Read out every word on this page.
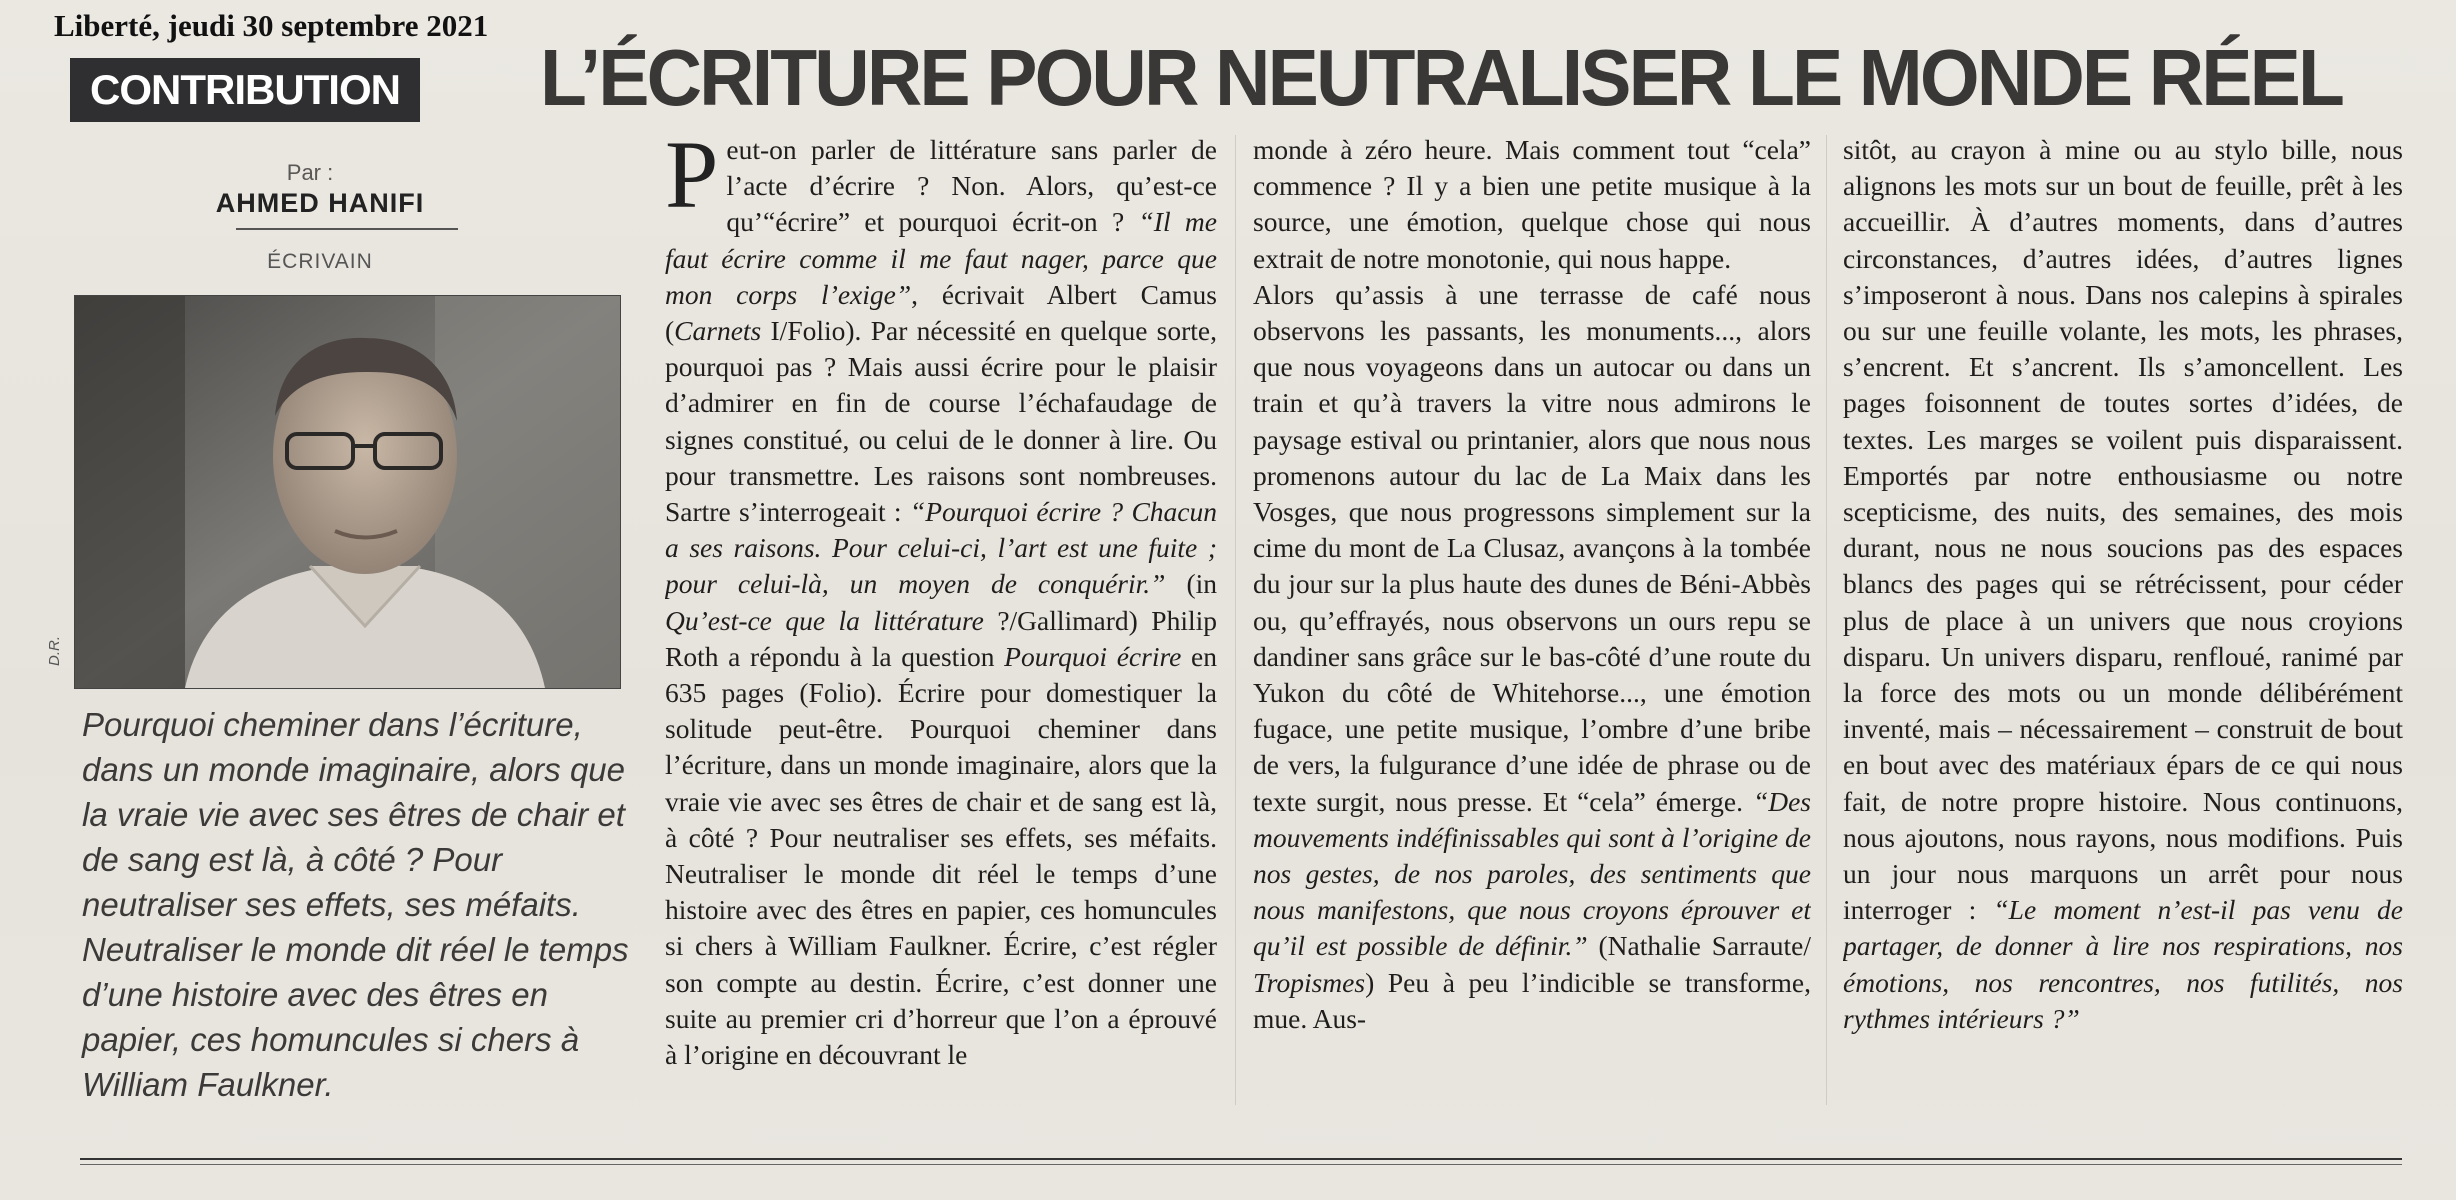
Liberté, jeudi 30 septembre 2021
CONTRIBUTION L’ÉCRITURE POUR NEUTRALISER LE MONDE RÉEL
Par :
AHMED HANIFI
ÉCRIVAIN
D.R.

Pourquoi cheminer dans l’écriture, dans un monde imaginaire, alors que la vraie vie avec ses êtres de chair et de sang est là, à côté ? Pour neutraliser ses effets, ses méfaits. Neutraliser le monde dit réel le temps d’une histoire avec des êtres en papier, ces homuncules si chers à William Faulkner.

Peut-on parler de littérature sans parler de l’acte d’écrire ? Non. Alors, qu’est-ce qu’“écrire” et pourquoi écrit-on ? “Il me faut écrire comme il me faut nager, parce que mon corps l’exige”, écrivait Albert Camus (Carnets I/Folio). Par nécessité en quelque sorte, pourquoi pas ? Mais aussi écrire pour le plaisir d’admirer en fin de course l’échafaudage de signes constitué, ou celui de le donner à lire. Ou pour transmettre. Les raisons sont nombreuses. Sartre s’interrogeait : “Pourquoi écrire ? Chacun a ses raisons. Pour celui-ci, l’art est une fuite ; pour celui-là, un moyen de conquérir.” (in Qu’est-ce que la littérature ?/Gallimard) Philip Roth a répondu à la question Pourquoi écrire en 635 pages (Folio). Écrire pour domestiquer la solitude peut-être. Pourquoi cheminer dans l’écriture, dans un monde imaginaire, alors que la vraie vie avec ses êtres de chair et de sang est là, à côté ? Pour neutraliser ses effets, ses méfaits. Neutraliser le monde dit réel le temps d’une histoire avec des êtres en papier, ces homuncules si chers à William Faulkner. Écrire, c’est régler son compte au destin. Écrire, c’est donner une suite au premier cri d’horreur que l’on a éprouvé à l’origine en découvrant le

monde à zéro heure. Mais comment tout “cela” commence ? Il y a bien une petite musique à la source, une émotion, quelque chose qui nous extrait de notre monotonie, qui nous happe.

Alors qu’assis à une terrasse de café nous observons les passants, les monuments..., alors que nous voyageons dans un autocar ou dans un train et qu’à travers la vitre nous admirons le paysage estival ou printanier, alors que nous nous promenons autour du lac de La Maix dans les Vosges, que nous progressons simplement sur la cime du mont de La Clusaz, avançons à la tombée du jour sur la plus haute des dunes de Béni-Abbès ou, qu’effrayés, nous observons un ours repu se dandiner sans grâce sur le bas-côté d’une route du Yukon du côté de Whitehorse..., une émotion fugace, une petite musique, l’ombre d’une bribe de vers, la fulgurance d’une idée de phrase ou de texte surgit, nous presse. Et “cela” émerge. “Des mouvements indéfinissables qui sont à l’origine de nos gestes, de nos paroles, des sentiments que nous manifestons, que nous croyons éprouver et qu’il est possible de définir.” (Nathalie Sarraute/ Tropismes) Peu à peu l’indicible se transforme, mue. Aus-

sitôt, au crayon à mine ou au stylo bille, nous alignons les mots sur un bout de feuille, prêt à les accueillir. À d’autres moments, dans d’autres circonstances, d’autres idées, d’autres lignes s’imposeront à nous. Dans nos calepins à spirales ou sur une feuille volante, les mots, les phrases, s’encrent. Et s’ancrent. Ils s’amoncellent. Les pages foisonnent de toutes sortes d’idées, de textes. Les marges se voilent puis disparaissent. Emportés par notre enthousiasme ou notre scepticisme, des nuits, des semaines, des mois durant, nous ne nous soucions pas des espaces blancs des pages qui se rétrécissent, pour céder plus de place à un univers que nous croyions disparu. Un univers disparu, renfloué, ranimé par la force des mots ou un monde délibérément inventé, mais – nécessairement – construit de bout en bout avec des matériaux épars de ce qui nous fait, de notre propre histoire. Nous continuons, nous ajoutons, nous rayons, nous modifions. Puis un jour nous marquons un arrêt pour nous interroger : “Le moment n’est-il pas venu de partager, de donner à lire nos respirations, nos émotions, nos rencontres, nos futilités, nos rythmes intérieurs ?”
